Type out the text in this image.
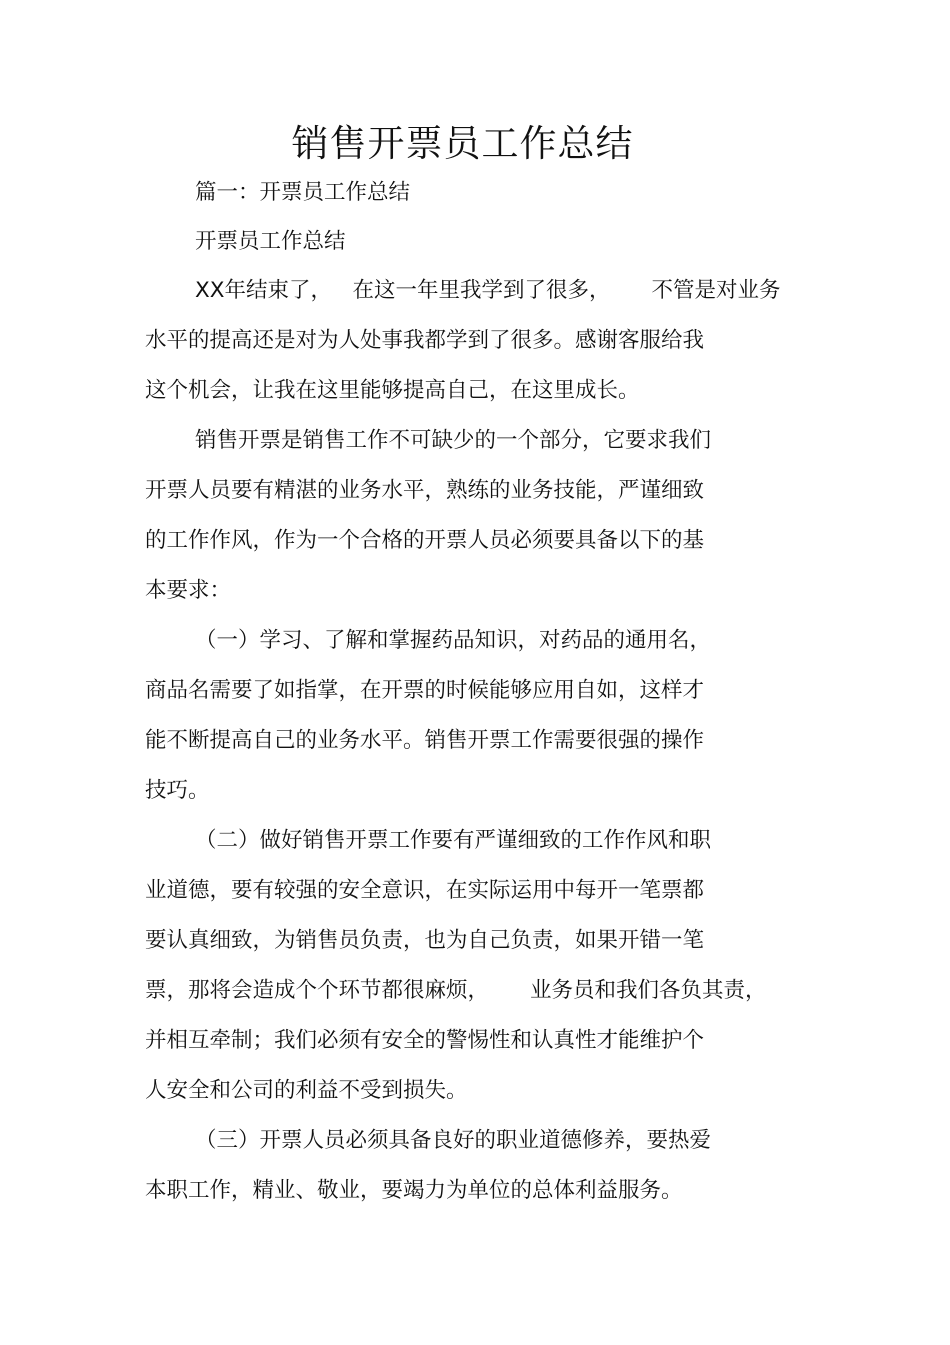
销售开票员工作总结
篇一：开票员工作总结
开票员工作总结
XX年结束了，   在这一年里我学到了很多，      不管是对业务
水平的提高还是对为人处事我都学到了很多。感谢客服给我
这个机会，让我在这里能够提高自己，在这里成长。
销售开票是销售工作不可缺少的一个部分，它要求我们
开票人员要有精湛的业务水平，熟练的业务技能，严谨细致
的工作作风，作为一个合格的开票人员必须要具备以下的基
本要求：
（一）学习、了解和掌握药品知识，对药品的通用名，
商品名需要了如指掌，在开票的时候能够应用自如，这样才
能不断提高自己的业务水平。销售开票工作需要很强的操作
技巧。
（二）做好销售开票工作要有严谨细致的工作作风和职
业道德，要有较强的安全意识，在实际运用中每开一笔票都
要认真细致，为销售员负责，也为自己负责，如果开错一笔
票，那将会造成个个环节都很麻烦，      业务员和我们各负其责，
并相互牵制；我们必须有安全的警惕性和认真性才能维护个
人安全和公司的利益不受到损失。
（三）开票人员必须具备良好的职业道德修养，要热爱
本职工作，精业、敬业，要竭力为单位的总体利益服务。
